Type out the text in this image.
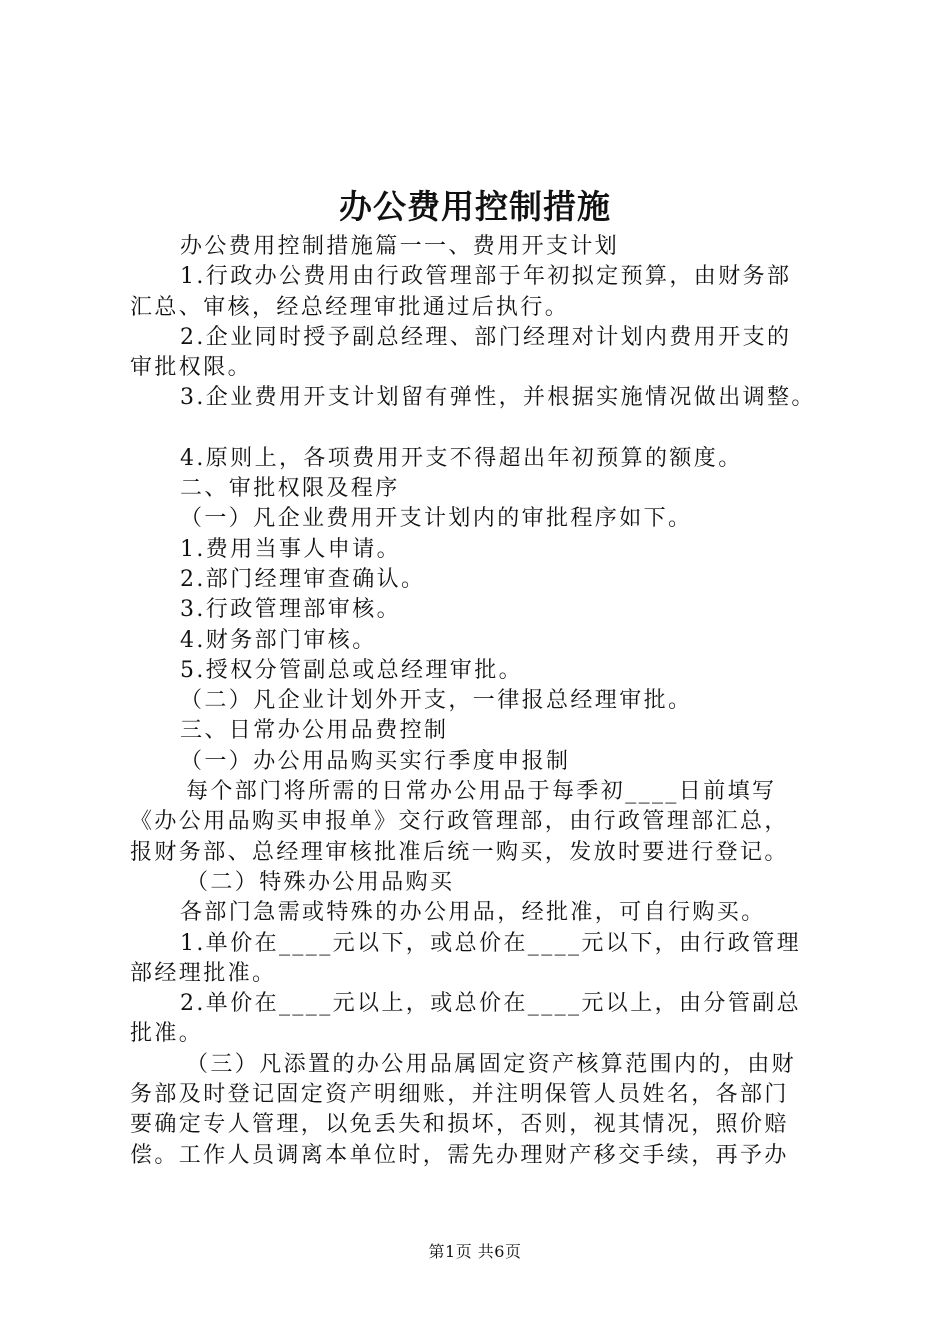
办公费用控制措施

办公费用控制措施篇一一、费用开支计划

1.行政办公费用由行政管理部于年初拟定预算，由财务部

汇总、审核，经总经理审批通过后执行。

2.企业同时授予副总经理、部门经理对计划内费用开支的

审批权限。

3.企业费用开支计划留有弹性，并根据实施情况做出调整。

4.原则上，各项费用开支不得超出年初预算的额度。

二、审批权限及程序

（一）凡企业费用开支计划内的审批程序如下。

1.费用当事人申请。

2.部门经理审查确认。

3.行政管理部审核。

4.财务部门审核。

5.授权分管副总或总经理审批。

（二）凡企业计划外开支，一律报总经理审批。

三、日常办公用品费控制

（一）办公用品购买实行季度申报制

每个部门将所需的日常办公用品于每季初____日前填写

《办公用品购买申报单》交行政管理部，由行政管理部汇总，

报财务部、总经理审核批准后统一购买，发放时要进行登记。

（二）特殊办公用品购买

各部门急需或特殊的办公用品，经批准，可自行购买。

1.单价在____元以下，或总价在____元以下，由行政管理

部经理批准。

2.单价在____元以上，或总价在____元以上，由分管副总

批准。

（三）凡添置的办公用品属固定资产核算范围内的，由财

务部及时登记固定资产明细账，并注明保管人员姓名，各部门

要确定专人管理，以免丢失和损坏，否则，视其情况，照价赔

偿。工作人员调离本单位时，需先办理财产移交手续，再予办

第1页 共6页
